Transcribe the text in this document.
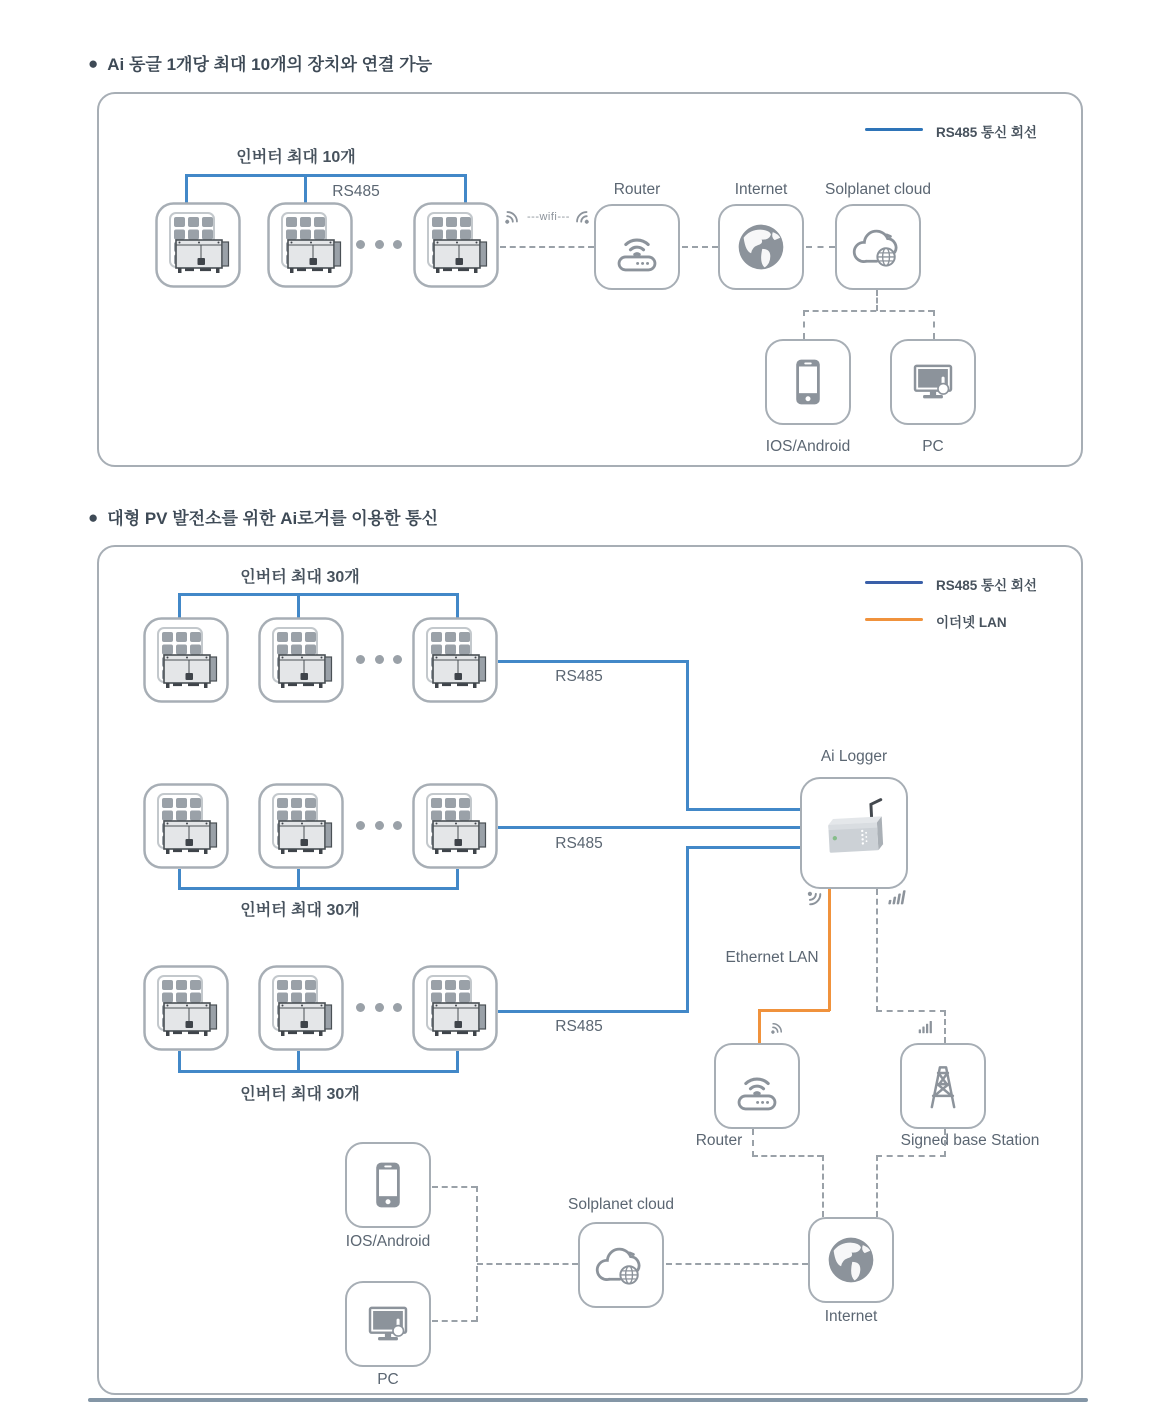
● Ai 동글 1개당 최대 10개의 장치와 연결 가능
RS485 통신 회선
인버터 최대 10개
RS485
---wifi---
Router	Internet	Solplanet cloud
IOS/Android	PC
● 대형 PV 발전소를 위한 Ai로거를 이용한 통신
RS485 통신 회선
이더넷 LAN
인버터 최대 30개
RS485
RS485
인버터 최대 30개
RS485
인버터 최대 30개
Ai Logger
Ethernet LAN
Router	Signed base Station
Internet
Solplanet cloud
IOS/Android
PC
